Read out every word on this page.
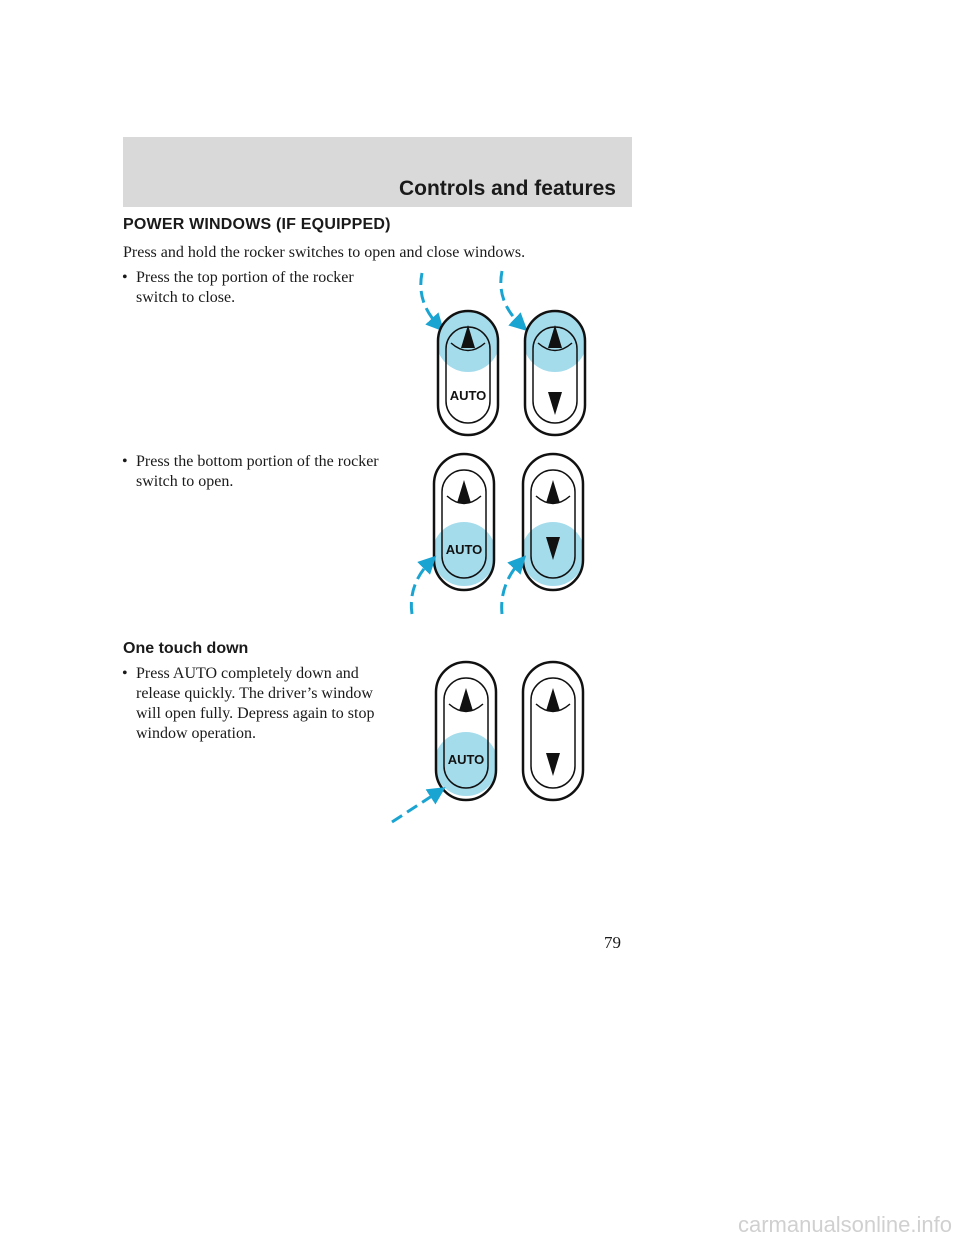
Controls and features
POWER WINDOWS (IF EQUIPPED)
Press and hold the rocker switches to open and close windows.
• Press the top portion of the rocker switch to close.
• Press the bottom portion of the rocker switch to open.
One touch down
• Press AUTO completely down and release quickly. The driver’s window will open fully. Depress again to stop window operation.
AUTO
AUTO
AUTO
79
carmanualsonline.info
